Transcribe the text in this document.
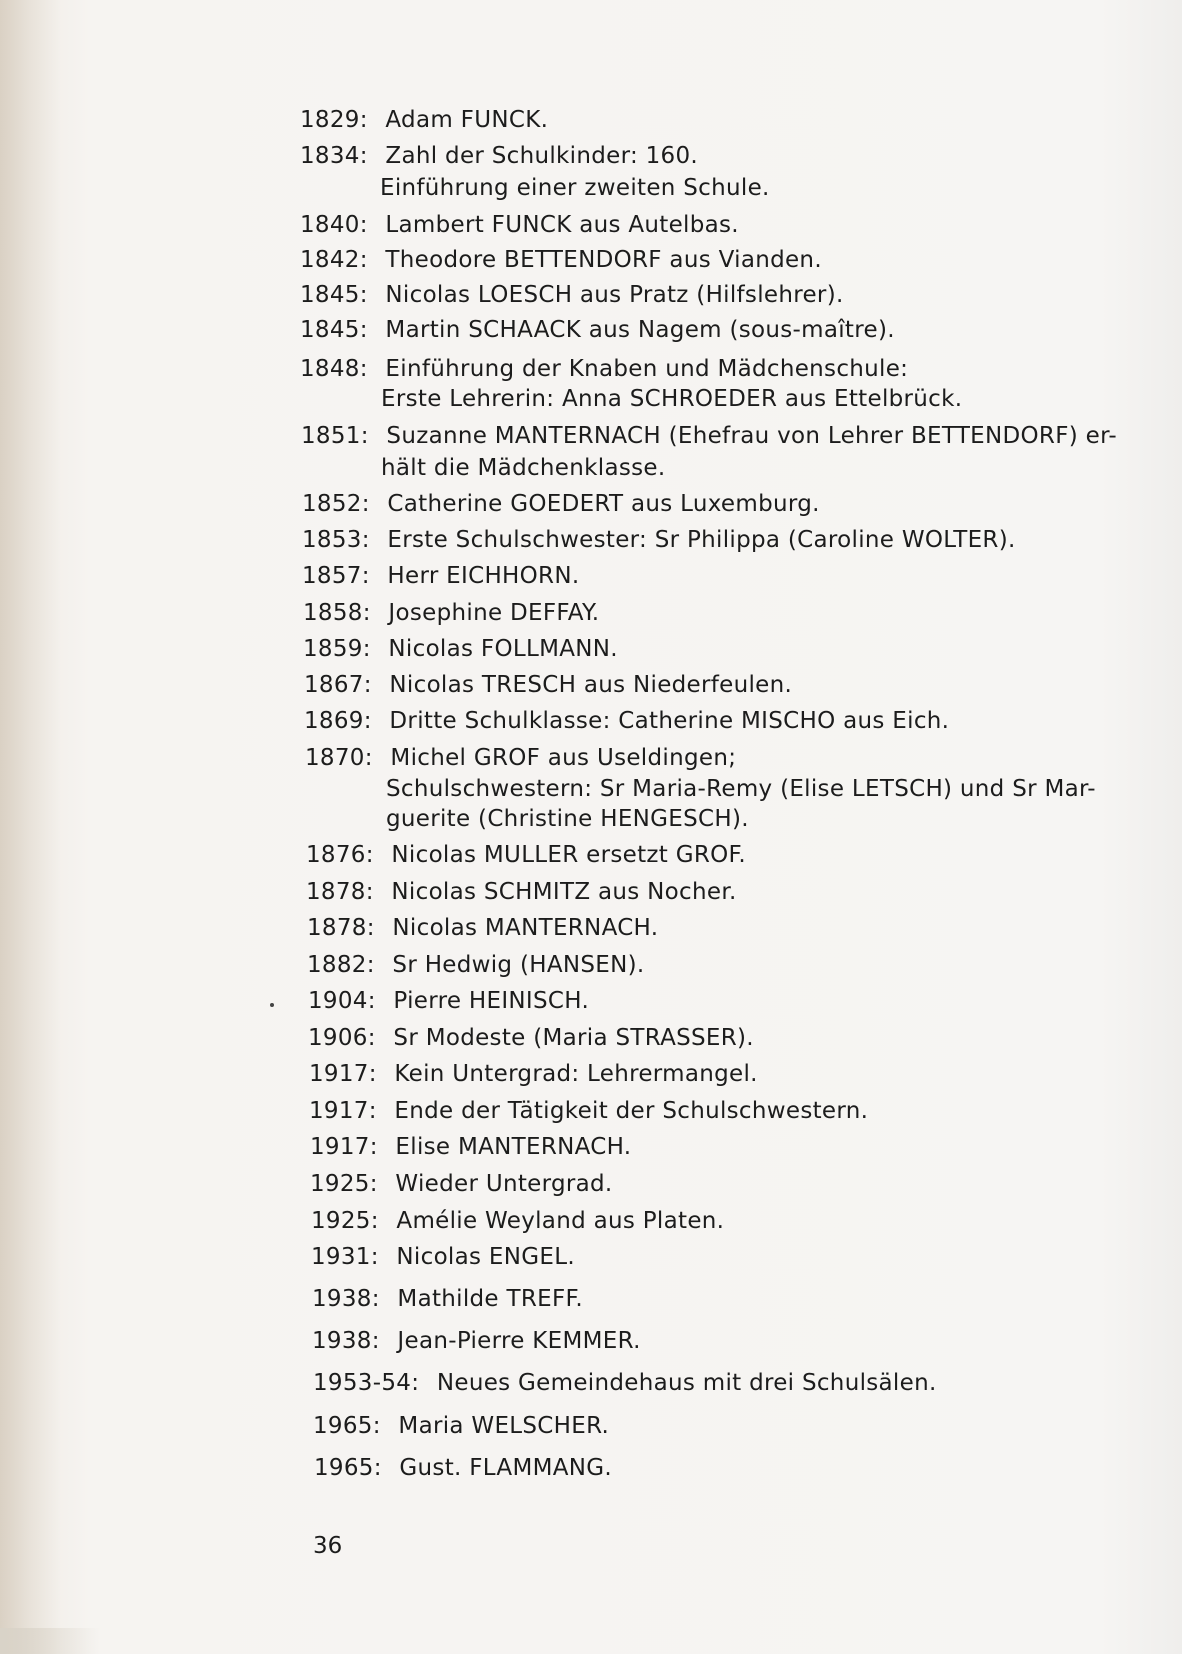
1829: Adam FUNCK.
1834: Zahl der Schulkinder: 160.
Einführung einer zweiten Schule.
1840: Lambert FUNCK aus Autelbas.
1842: Theodore BETTENDORF aus Vianden.
1845: Nicolas LOESCH aus Pratz (Hilfslehrer).
1845: Martin SCHAACK aus Nagem (sous-maître).
1848: Einführung der Knaben und Mädchenschule:
Erste Lehrerin: Anna SCHROEDER aus Ettelbrück.
1851: Suzanne MANTERNACH (Ehefrau von Lehrer BETTENDORF) er-
hält die Mädchenklasse.
1852: Catherine GOEDERT aus Luxemburg.
1853: Erste Schulschwester: Sr Philippa (Caroline WOLTER).
1857: Herr EICHHORN.
1858: Josephine DEFFAY.
1859: Nicolas FOLLMANN.
1867: Nicolas TRESCH aus Niederfeulen.
1869: Dritte Schulklasse: Catherine MISCHO aus Eich.
1870: Michel GROF aus Useldingen;
Schulschwestern: Sr Maria-Remy (Elise LETSCH) und Sr Mar-
guerite (Christine HENGESCH).
1876: Nicolas MULLER ersetzt GROF.
1878: Nicolas SCHMITZ aus Nocher.
1878: Nicolas MANTERNACH.
1882: Sr Hedwig (HANSEN).
1904: Pierre HEINISCH.
1906: Sr Modeste (Maria STRASSER).
1917: Kein Untergrad: Lehrermangel.
1917: Ende der Tätigkeit der Schulschwestern.
1917: Elise MANTERNACH.
1925: Wieder Untergrad.
1925: Amélie Weyland aus Platen.
1931: Nicolas ENGEL.
1938: Mathilde TREFF.
1938: Jean-Pierre KEMMER.
1953-54: Neues Gemeindehaus mit drei Schulsälen.
1965: Maria WELSCHER.
1965: Gust. FLAMMANG.
36
